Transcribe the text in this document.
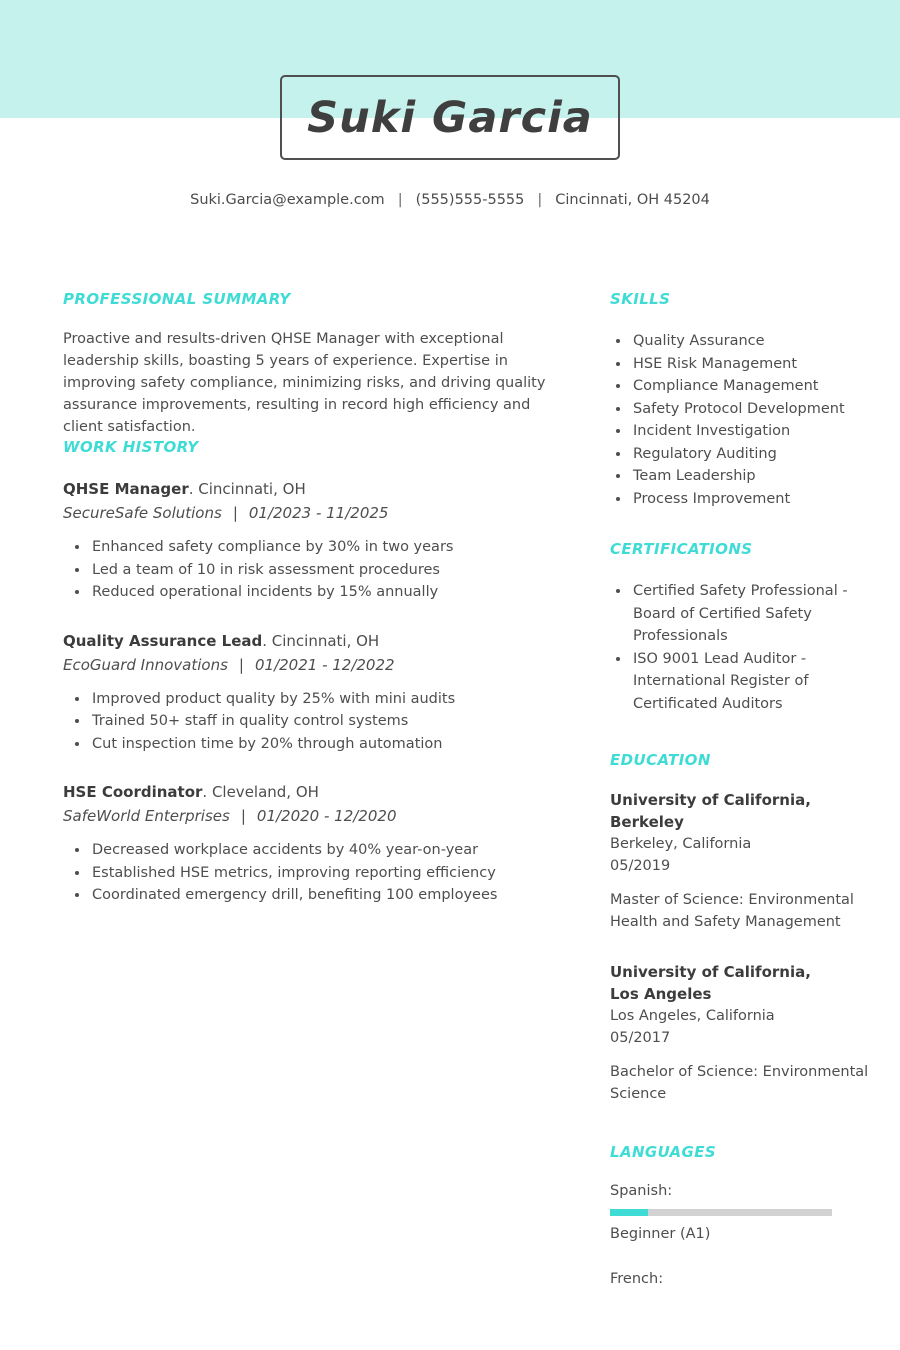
Suki Garcia
Suki.Garcia@example.com | (555)555-5555 | Cincinnati, OH 45204
PROFESSIONAL SUMMARY

Proactive and results-driven QHSE Manager with exceptional leadership skills, boasting 5 years of experience. Expertise in improving safety compliance, minimizing risks, and driving quality assurance improvements, resulting in record high efficiency and client satisfaction.

WORK HISTORY
QHSE Manager. Cincinnati, OH
SecureSafe Solutions | 01/2023 - 11/2025
• Enhanced safety compliance by 30% in two years
• Led a team of 10 in risk assessment procedures
• Reduced operational incidents by 15% annually
Quality Assurance Lead. Cincinnati, OH
EcoGuard Innovations | 01/2021 - 12/2022
• Improved product quality by 25% with mini audits
• Trained 50+ staff in quality control systems
• Cut inspection time by 20% through automation
HSE Coordinator. Cleveland, OH
SafeWorld Enterprises | 01/2020 - 12/2020
• Decreased workplace accidents by 40% year-on-year
• Established HSE metrics, improving reporting efficiency
• Coordinated emergency drill, benefiting 100 employees
SKILLS
• Quality Assurance
• HSE Risk Management
• Compliance Management
• Safety Protocol Development
• Incident Investigation
• Regulatory Auditing
• Team Leadership
• Process Improvement
CERTIFICATIONS
• Certified Safety Professional - Board of Certified Safety Professionals
• ISO 9001 Lead Auditor - International Register of Certificated Auditors
EDUCATION
University of California, Berkeley
Berkeley, California
05/2019
Master of Science: Environmental Health and Safety Management
University of California, Los Angeles
Los Angeles, California
05/2017
Bachelor of Science: Environmental Science
LANGUAGES
Spanish:
Beginner (A1)
French:
